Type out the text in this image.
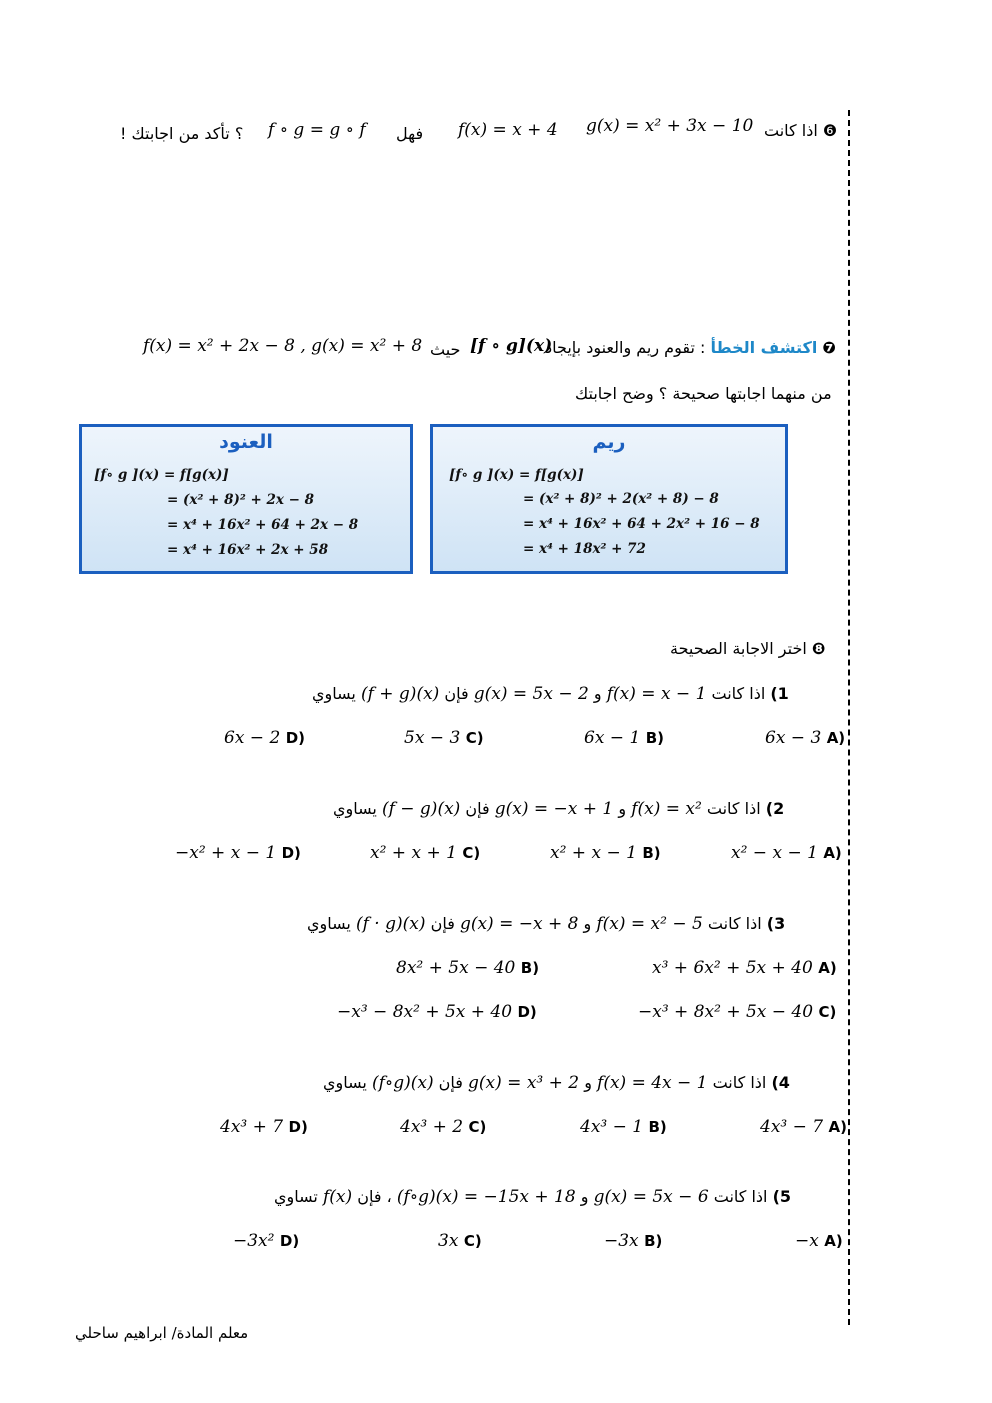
❻ اذا كانت
g(x) = x² + 3x − 10
f(x) = x + 4
فهل
f ∘ g = g ∘ f
؟ تأكد من اجابتك !
❼ اكتشف الخطأ : تقوم ريم والعنود بإيجاد
[f ∘ g](x)
حيث
f(x) = x² + 2x − 8 , g(x) = x² + 8
من منهما اجابتها صحيحة ؟ وضح اجابتك
العنود
[f∘ g ](x) = f[g(x)]
= (x² + 8)² + 2x − 8
= x⁴ + 16x² + 64 + 2x − 8
= x⁴ + 16x² + 2x + 58
ريم
[f∘ g ](x) = f[g(x)]
= (x² + 8)² + 2(x² + 8) − 8
= x⁴ + 16x² + 64 + 2x² + 16 − 8
= x⁴ + 18x² + 72
❽ اختر الاجابة الصحيحة
1) اذا كانت f(x) = x − 1 و g(x) = 5x − 2 فإن (f + g)(x) يساوي
6x − 3 A)
6x − 1 B)
5x − 3 C)
6x − 2 D)
2) اذا كانت f(x) = x² و g(x) = −x + 1 فإن (f − g)(x) يساوي
x² − x − 1 A)
x² + x − 1 B)
x² + x + 1 C)
−x² + x − 1 D)
3) اذا كانت f(x) = x² − 5 و g(x) = −x + 8 فإن (f · g)(x) يساوي
x³ + 6x² + 5x + 40 A)
8x² + 5x − 40 B)
−x³ + 8x² + 5x − 40 C)
−x³ − 8x² + 5x + 40 D)
4) اذا كانت f(x) = 4x − 1 و g(x) = x³ + 2 فإن (f∘g)(x) يساوي
4x³ − 7 A)
4x³ − 1 B)
4x³ + 2 C)
4x³ + 7 D)
5) اذا كانت g(x) = 5x − 6 و (f∘g)(x) = −15x + 18 ، فإن f(x) تساوي
−x A)
−3x B)
3x C)
−3x² D)
معلم المادة/ ابراهيم ساحلي
